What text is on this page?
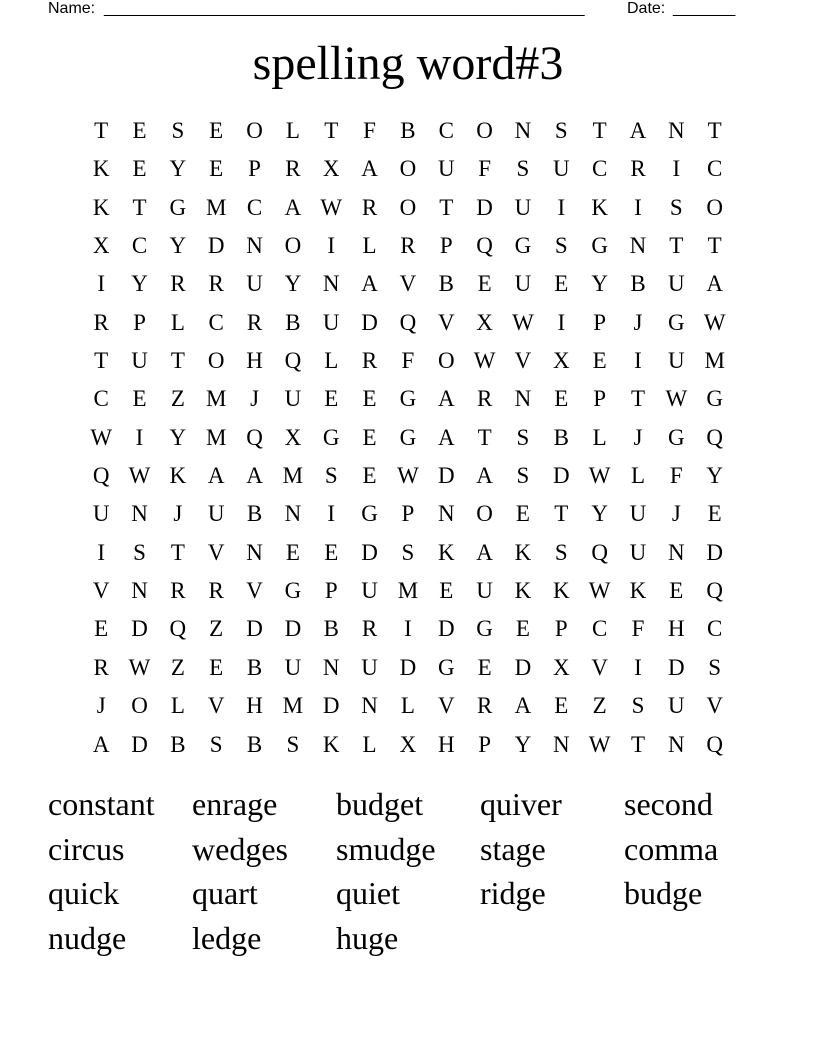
Name: ______________________________________________________	Date: _______
spelling word#3
T	E	S	E	O	L	T	F	B	C O N	S	T	A N	T
K	E	Y	E	P	R X A O U	F	S	U C	R	I	C
K	T	G M C A W R O	T	D U	I	K	I	S	O
X C Y D N O	I	L	R	P	Q G	S	G N	T	T
I	Y R	R U Y N A V B	E	U	E	Y B U A
R	P	L	C	R	B U D Q V X W	I	P	J	G W
T	U	T	O H Q	L	R	F	O W V X	E	I	U M
C	E	Z M	J	U	E	E	G A R N	E	P	T W G
W	I	Y M Q X G	E	G A	T	S	B	L	J	G Q
Q W K A A M S	E W D A	S	D W L	F	Y
U N	J	U B N	I	G	P	N O	E	T	Y U	J	E
I	S	T	V N	E	E	D	S	K A K	S	Q U N D
V N R	R V G	P	U M E	U K K W K	E	Q
E	D Q	Z	D D B	R	I	D G	E	P	C	F	H C
R W Z	E	B U N U D G	E	D X V	I	D	S
J	O	L	V H M D N	L	V R A	E	Z	S	U V
A D B	S	B	S	K	L	X H	P	Y N W T	N Q
constant	enrage	budget	quiver	second
circus	wedges	smudge	stage	comma
quick	quart	quiet	ridge	budge
nudge	ledge	huge
